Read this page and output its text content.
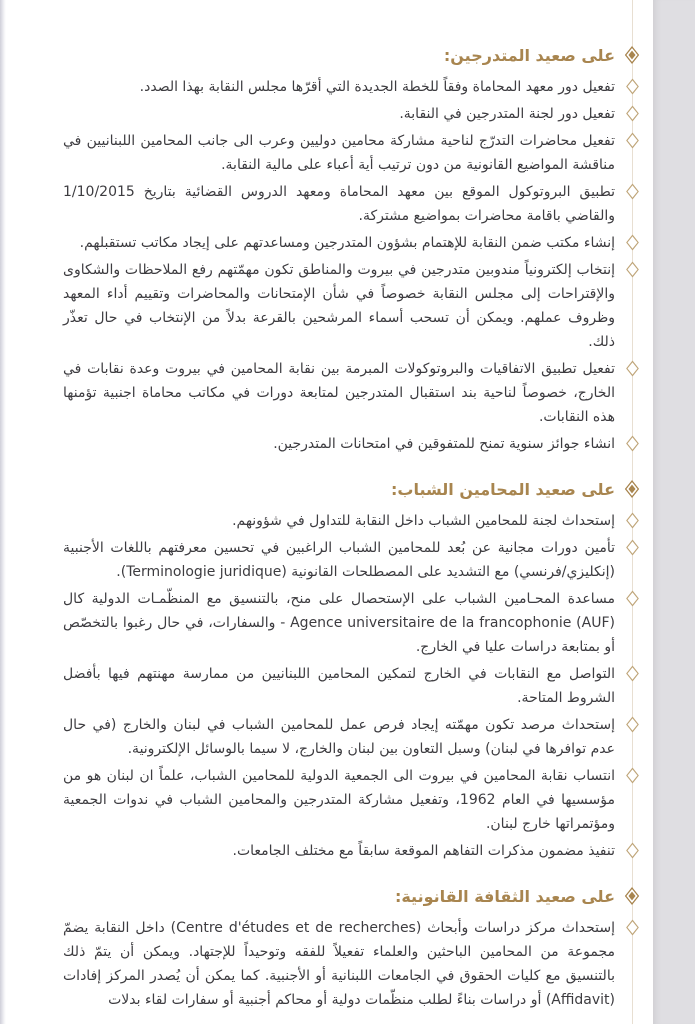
على صعيد المتدرجين:
تفعيل دور معهد المحاماة وفقاً للخطة الجديدة التي أقرّها مجلس النقابة بهذا الصدد.
تفعيل دور لجنة المتدرجين في النقابة.
تفعيل محاضرات التدرّج لناحية مشاركة محامين دوليين وعرب الى جانب المحامين اللبنانيين في مناقشة المواضيع القانونية من دون ترتيب أية أعباء على مالية النقابة.
تطبيق البروتوكول الموقع بين معهد المحاماة ومعهد الدروس القضائية بتاريخ 1/10/2015 والقاضي باقامة محاضرات بمواضيع مشتركة.
إنشاء مكتب ضمن النقابة للإهتمام بشؤون المتدرجين ومساعدتهم على إيجاد مكاتب تستقبلهم.
إنتخاب إلكترونياً مندوبين متدرجين في بيروت والمناطق تكون مهمّتهم رفع الملاحظات والشكاوى والإقتراحات إلى مجلس النقابة خصوصاً في شأن الإمتحانات والمحاضرات وتقييم أداء المعهد وظروف عملهم. ويمكن أن تسحب أسماء المرشحين بالقرعة بدلاً من الإنتخاب في حال تعذّر ذلك.
تفعيل تطبيق الاتفاقيات والبروتوكولات المبرمة بين نقابة المحامين في بيروت وعدة نقابات في الخارج، خصوصاً لناحية بند استقبال المتدرجين لمتابعة دورات في مكاتب محاماة اجنبية تؤمنها هذه النقابات.
انشاء جوائز سنوية تمنح للمتفوقين في امتحانات المتدرجين.
على صعيد المحامين الشباب:
إستحداث لجنة للمحامين الشباب داخل النقابة للتداول في شؤونهم.
تأمين دورات مجانية عن بُعد للمحامين الشباب الراغبين في تحسين معرفتهم باللغات الأجنبية (إنكليزي/فرنسي) مع التشديد على المصطلحات القانونية (Terminologie juridique).
مساعدة المحـامين الشباب على الإستحصال على منح، بالتنسيق مع المنظّمـات الدولية كال (AUF) Agence universitaire de la francophonie - والسفارات، في حال رغبوا بالتخصّص أو بمتابعة دراسات عليا في الخارج.
التواصل مع النقابات في الخارج لتمكين المحامين اللبنانيين من ممارسة مهنتهم فيها بأفضل الشروط المتاحة.
إستحداث مرصد تكون مهمّته إيجاد فرص عمل للمحامين الشباب في لبنان والخارج (في حال عدم توافرها في لبنان) وسبل التعاون بين لبنان والخارج، لا سيما بالوسائل الإلكترونية.
انتساب نقابة المحامين في بيروت الى الجمعية الدولية للمحامين الشباب، علماً ان لبنان هو من مؤسسيها في العام 1962، وتفعيل مشاركة المتدرجين والمحامين الشباب في ندوات الجمعية ومؤتمراتها خارج لبنان.
تنفيذ مضمون مذكرات التفاهم الموقعة سابقاً مع مختلف الجامعات.
على صعيد الثقافة القانونية:
إستحداث مركز دراسات وأبحاث (Centre d'études et de recherches) داخل النقابة يضمّ مجموعة من المحامين الباحثين والعلماء تفعيلاً للفقه وتوحيداً للإجتهاد. ويمكن أن يتمّ ذلك بالتنسيق مع كليات الحقوق في الجامعات اللبنانية أو الأجنبية. كما يمكن أن يُصدر المركز إفادات (Affidavit) أو دراسات بناءً لطلب منظّمات دولية أو محاكم أجنبية أو سفارات لقاء بدلات
